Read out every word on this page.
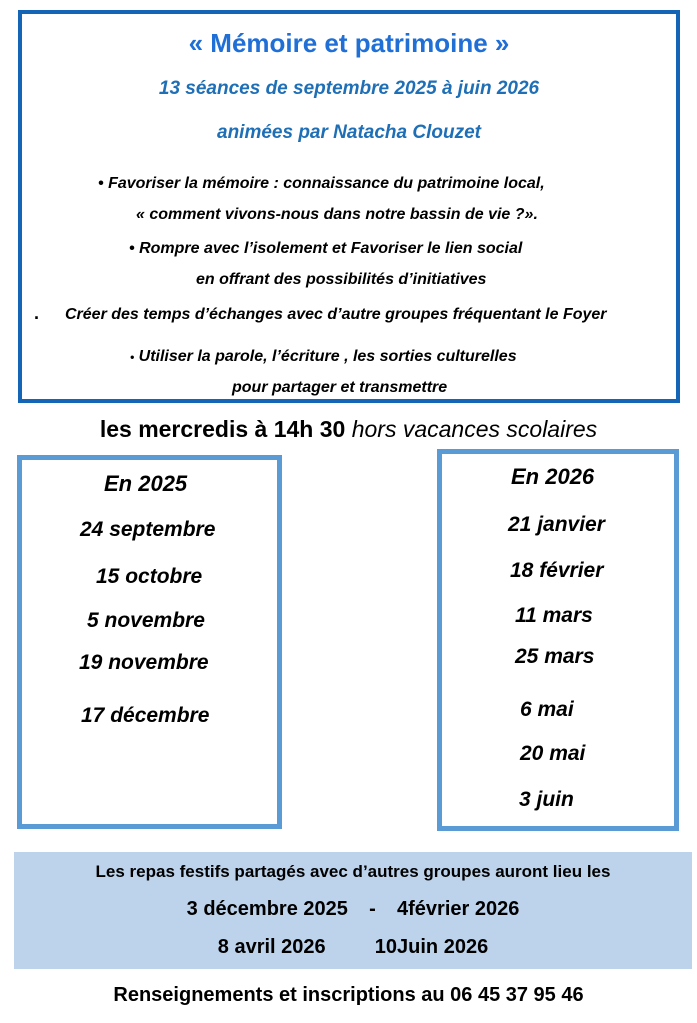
« Mémoire et patrimoine »
13 séances de septembre 2025 à juin 2026
animées par Natacha Clouzet
• Favoriser la mémoire : connaissance du patrimoine local,
« comment vivons-nous dans notre bassin de vie ?».
• Rompre avec l’isolement et Favoriser le lien social
en offrant des possibilités d’initiatives
. Créer des temps d’échanges avec d’autre groupes fréquentant le Foyer
• Utiliser la parole, l’écriture , les sorties culturelles
pour partager et transmettre
les mercredis à 14h 30 hors vacances scolaires
En 2025
24 septembre
15 octobre
5 novembre
19 novembre
17 décembre
En 2026
21 janvier
18 février
11 mars
25 mars
6 mai
20 mai
3 juin
Les repas festifs partagés avec d’autres groupes auront lieu les
3 décembre 2025 - 4février 2026
8 avril 2026 10Juin 2026
Renseignements et inscriptions au 06 45 37 95 46
